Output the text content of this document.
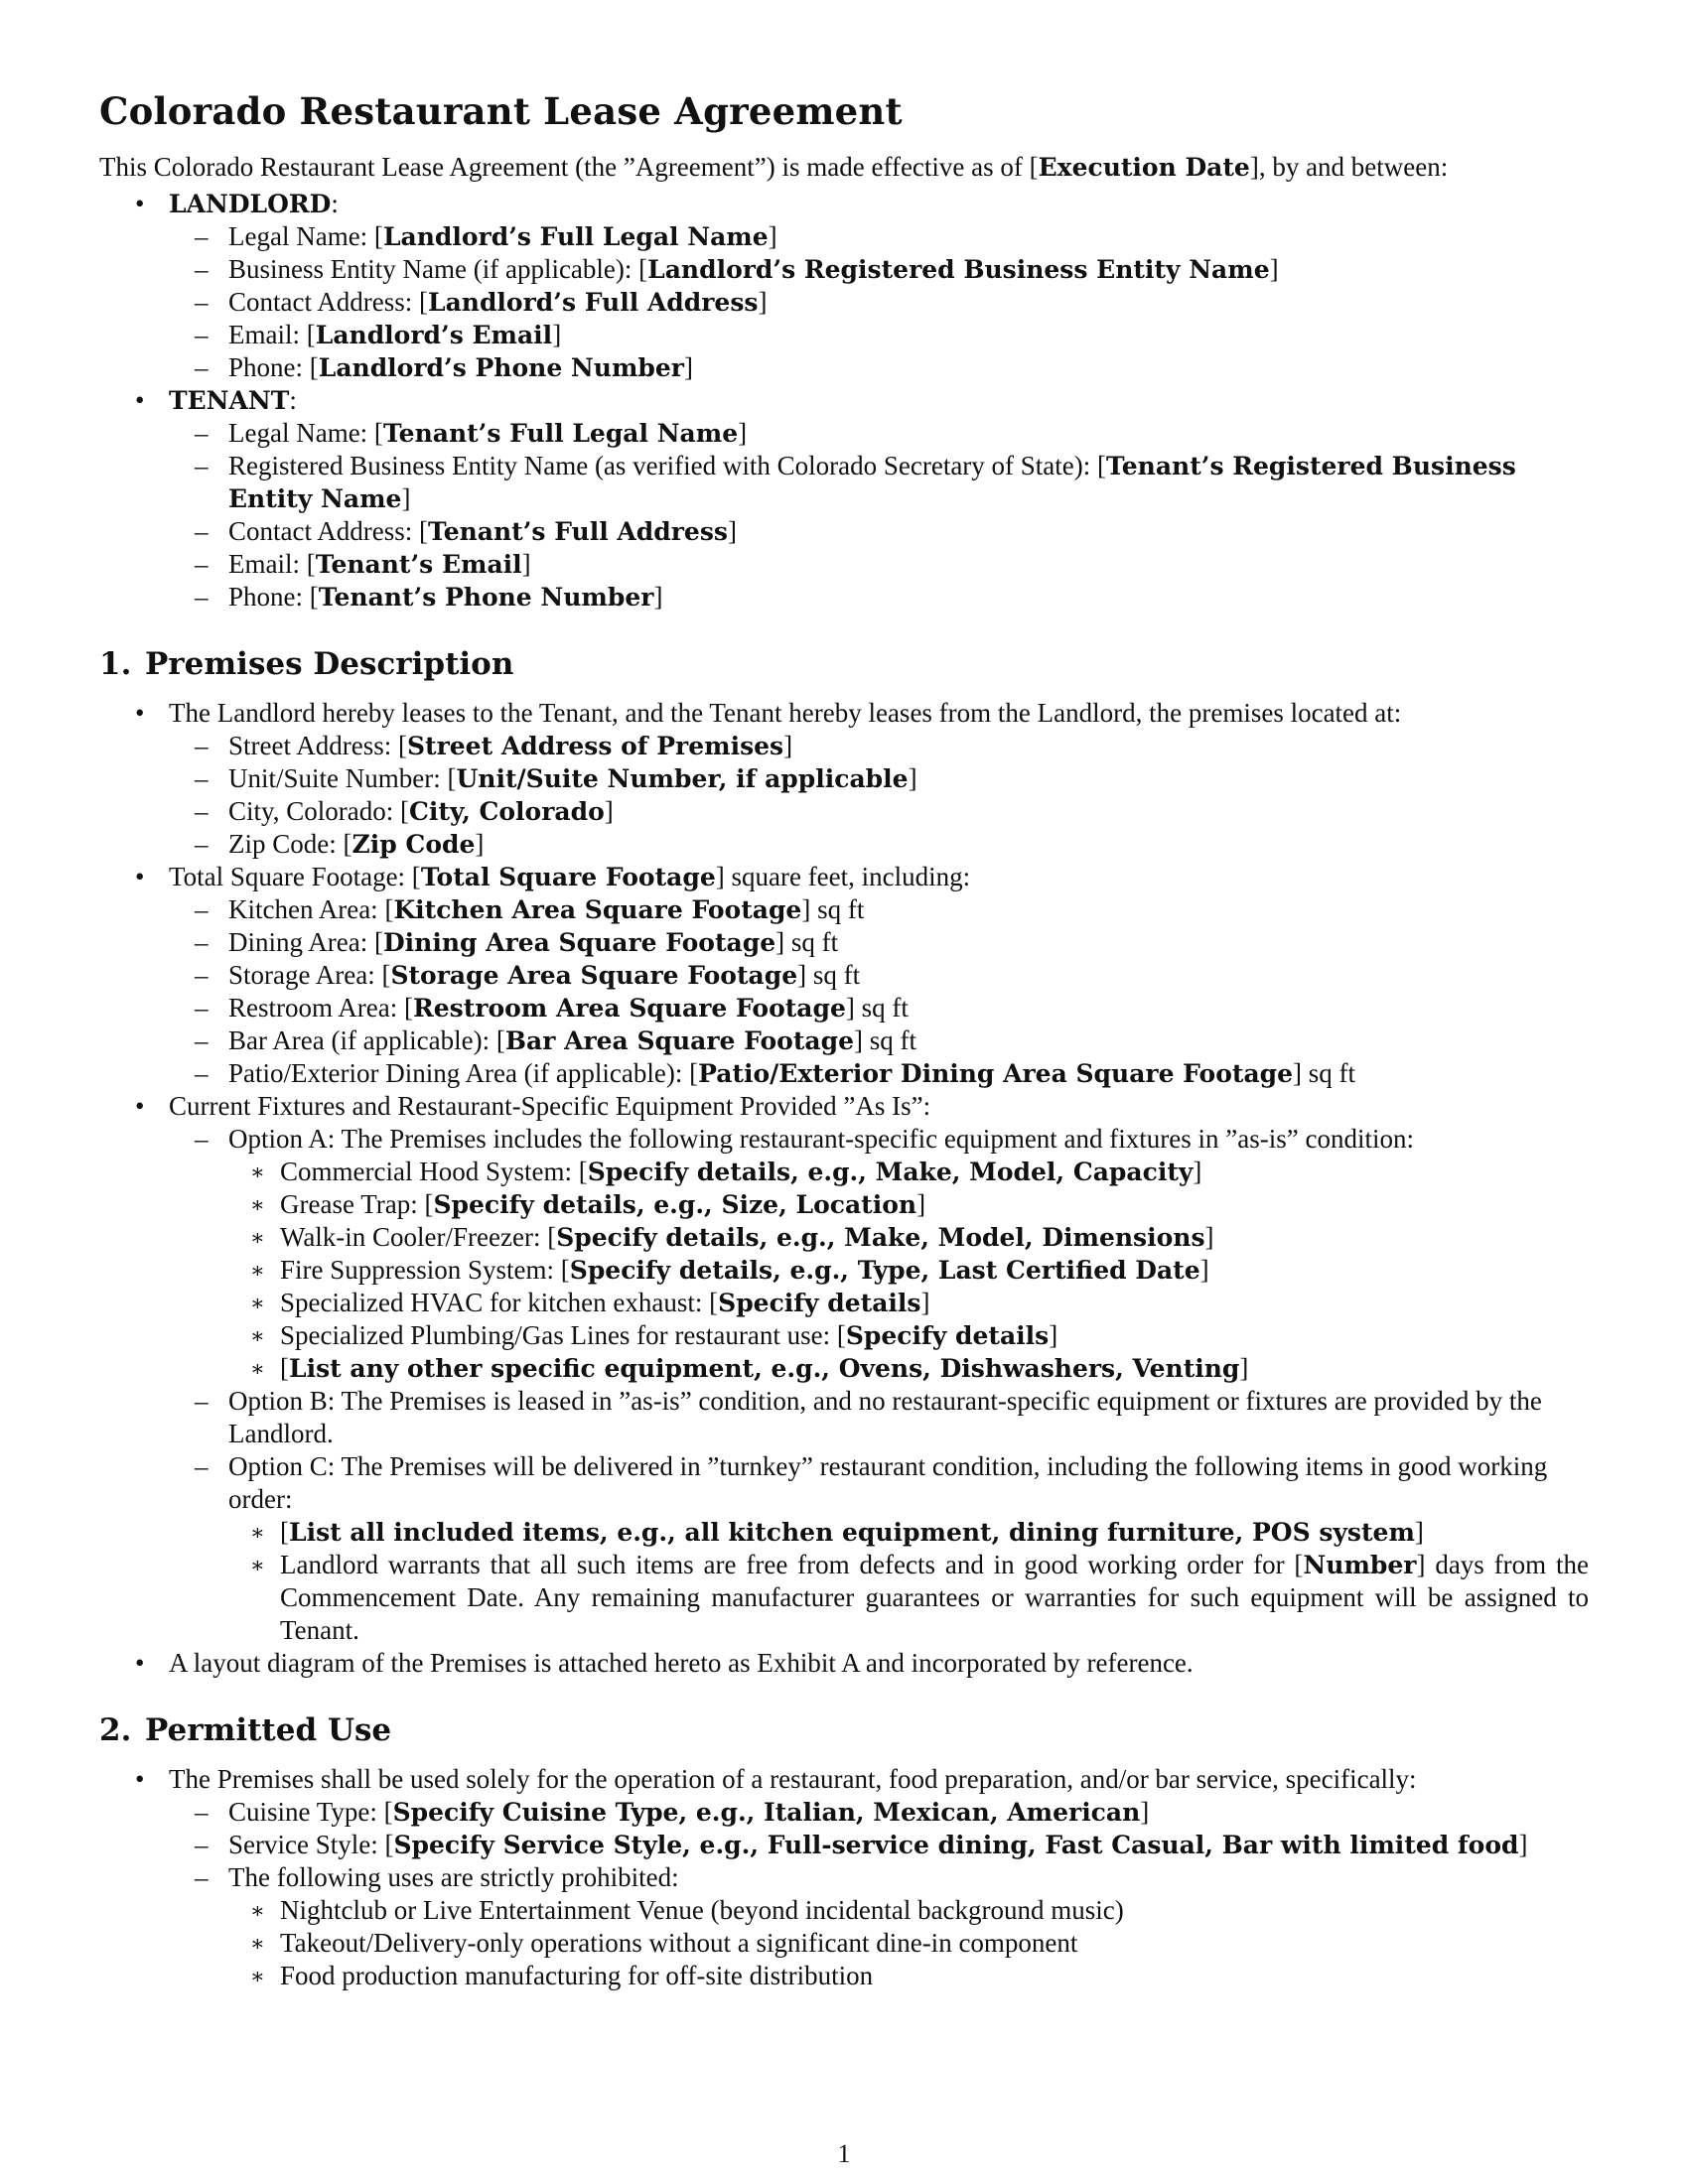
Colorado Restaurant Lease Agreement

This Colorado Restaurant Lease Agreement (the ”Agreement”) is made effective as of [Execution Date], by and between:

• LANDLORD:
– Legal Name: [Landlord’s Full Legal Name]
– Business Entity Name (if applicable): [Landlord’s Registered Business Entity Name]
– Contact Address: [Landlord’s Full Address]
– Email: [Landlord’s Email]
– Phone: [Landlord’s Phone Number]
• TENANT:
– Legal Name: [Tenant’s Full Legal Name]
– Registered Business Entity Name (as verified with Colorado Secretary of State): [Tenant’s Registered Business Entity Name]
– Contact Address: [Tenant’s Full Address]
– Email: [Tenant’s Email]
– Phone: [Tenant’s Phone Number]
1. Premises Description
• The Landlord hereby leases to the Tenant, and the Tenant hereby leases from the Landlord, the premises located at:
– Street Address: [Street Address of Premises]
– Unit/Suite Number: [Unit/Suite Number, if applicable]
– City, Colorado: [City, Colorado]
– Zip Code: [Zip Code]
• Total Square Footage: [Total Square Footage] square feet, including:
– Kitchen Area: [Kitchen Area Square Footage] sq ft
– Dining Area: [Dining Area Square Footage] sq ft
– Storage Area: [Storage Area Square Footage] sq ft
– Restroom Area: [Restroom Area Square Footage] sq ft
– Bar Area (if applicable): [Bar Area Square Footage] sq ft
– Patio/Exterior Dining Area (if applicable): [Patio/Exterior Dining Area Square Footage] sq ft
• Current Fixtures and Restaurant-Specific Equipment Provided ”As Is”:
– Option A: The Premises includes the following restaurant-specific equipment and fixtures in ”as-is” condition:
∗ Commercial Hood System: [Specify details, e.g., Make, Model, Capacity]
∗ Grease Trap: [Specify details, e.g., Size, Location]
∗ Walk-in Cooler/Freezer: [Specify details, e.g., Make, Model, Dimensions]
∗ Fire Suppression System: [Specify details, e.g., Type, Last Certified Date]
∗ Specialized HVAC for kitchen exhaust: [Specify details]
∗ Specialized Plumbing/Gas Lines for restaurant use: [Specify details]
∗ [List any other specific equipment, e.g., Ovens, Dishwashers, Venting]
– Option B: The Premises is leased in ”as-is” condition, and no restaurant-specific equipment or fixtures are provided by the Landlord.
– Option C: The Premises will be delivered in ”turnkey” restaurant condition, including the following items in good working order:
∗ [List all included items, e.g., all kitchen equipment, dining furniture, POS system]
∗ Landlord warrants that all such items are free from defects and in good working order for [Number] days from the Commencement Date. Any remaining manufacturer guarantees or warranties for such equipment will be assigned to Tenant.
• A layout diagram of the Premises is attached hereto as Exhibit A and incorporated by reference.
2. Permitted Use
• The Premises shall be used solely for the operation of a restaurant, food preparation, and/or bar service, specifically:
– Cuisine Type: [Specify Cuisine Type, e.g., Italian, Mexican, American]
– Service Style: [Specify Service Style, e.g., Full-service dining, Fast Casual, Bar with limited food]
– The following uses are strictly prohibited:
∗ Nightclub or Live Entertainment Venue (beyond incidental background music)
∗ Takeout/Delivery-only operations without a significant dine-in component
∗ Food production manufacturing for off-site distribution
1
